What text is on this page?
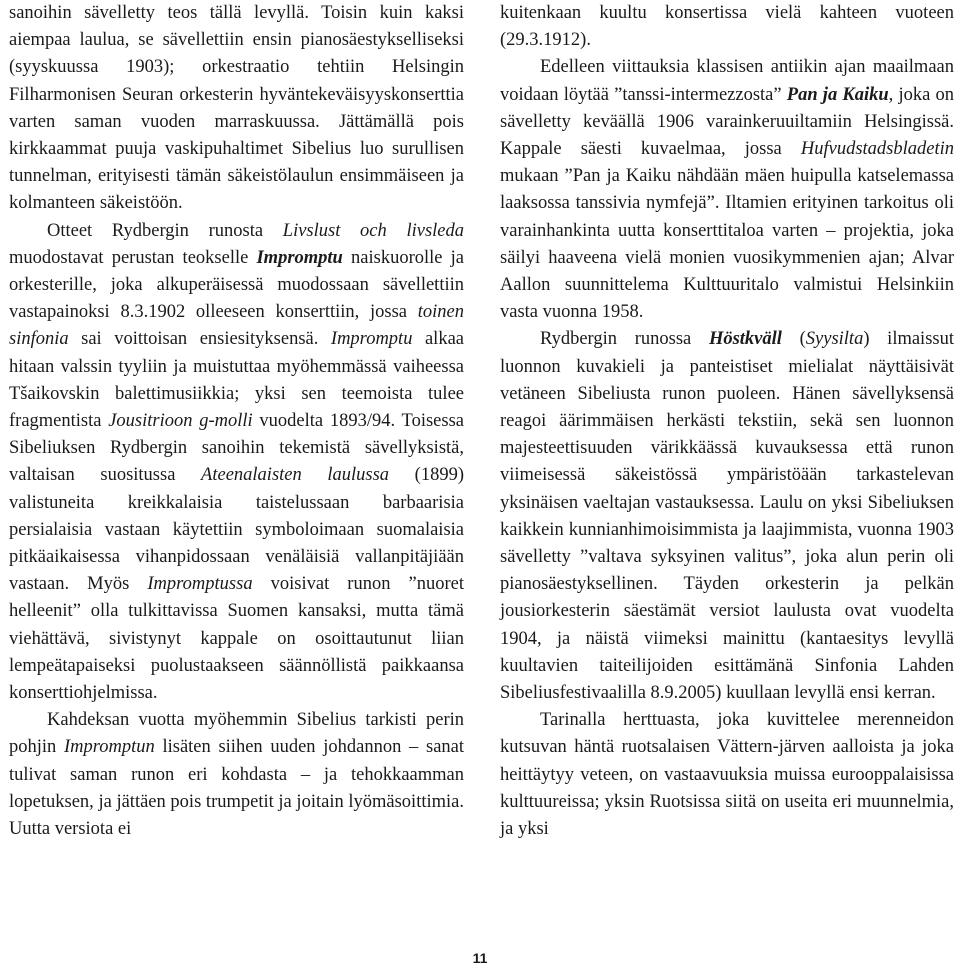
sanoihin sävelletty teos tällä levyllä. Toisin kuin kaksi aiempaa laulua, se sävellettiin ensin pianosäestykselliseksi (syyskuussa 1903); orkestraatio tehtiin Helsingin Filharmonisen Seuran orkesterin hyväntekeväisyyskonserttia varten saman vuoden marraskuussa. Jättämällä pois kirkkaammat puuja vaskipuhaltimet Sibelius luo surullisen tunnelman, erityisesti tämän säkeistölaulun ensimmäiseen ja kolmanteen säkeistöön.

Otteet Rydbergin runosta Livslust och livsleda muodostavat perustan teokselle Impromptu naiskuorolle ja orkesterille, joka alkuperäisessä muodossaan sävellettiin vastapainoksi 8.3.1902 olleeseen konserttiin, jossa toinen sinfonia sai voittoisan ensiesityksensä. Impromptu alkaa hitaan valssin tyyliin ja muistuttaa myöhemmässä vaiheessa Tšaikovskin balettimusiikkia; yksi sen teemoista tulee fragmentista Jousitrioon g-molli vuodelta 1893/94. Toisessa Sibeliuksen Rydbergin sanoihin tekemistä sävellyksistä, valtaisan suositussa Ateenalaisten laulussa (1899) valistuneita kreikkalaisia taistelussaan barbaarisia persialaisia vastaan käytettiin symboloimaan suomalaisia pitkäaikaisessa vihanpidossaan venäläisiä vallanpitäjiään vastaan. Myös Impromptussa voisivat runon ”nuoret helleenit” olla tulkittavissa Suomen kansaksi, mutta tämä viehättävä, sivistynyt kappale on osoittautunut liian lempeätapaiseksi puolustaakseen säännöllistä paikkaansa konserttiohjelmissa.

Kahdeksan vuotta myöhemmin Sibelius tarkisti perin pohjin Impromptun lisäten siihen uuden johdannon – sanat tulivat saman runon eri kohdasta – ja tehokkaamman lopetuksen, ja jättäen pois trumpetit ja joitain lyömäsoittimia. Uutta versiota ei

kuitenkaan kuultu konsertissa vielä kahteen vuoteen (29.3.1912).

Edelleen viittauksia klassisen antiikin ajan maailmaan voidaan löytää ”tanssi-intermezzosta” Pan ja Kaiku, joka on sävelletty keväällä 1906 varainkeruuiltamiin Helsingissä. Kappale säesti kuvaelmaa, jossa Hufvudstadsbladetin mukaan ”Pan ja Kaiku nähdään mäen huipulla katselemassa laaksossa tanssivia nymfejä”. Iltamien erityinen tarkoitus oli varainhankinta uutta konserttitaloa varten – projektia, joka säilyi haaveena vielä monien vuosikymmenien ajan; Alvar Aallon suunnittelema Kulttuuritalo valmistui Helsinkiin vasta vuonna 1958.

Rydbergin runossa Höstkväll (Syysilta) ilmaissut luonnon kuvakieli ja panteistiset mielialat näyttäisivät vetäneen Sibeliusta runon puoleen. Hänen sävellyksensä reagoi äärimmäisen herkästi tekstiin, sekä sen luonnon majesteettisuuden värikkäässä kuvauksessa että runon viimeisessä säkeistössä ympäristöään tarkastelevan yksinäisen vaeltajan vastauksessa. Laulu on yksi Sibeliuksen kaikkein kunnianhimoisimmista ja laajimmista, vuonna 1903 sävelletty ”valtava syksyinen valitus”, joka alun perin oli pianosäestyksellinen. Täyden orkesterin ja pelkän jousiorkesterin säestämät versiot laulusta ovat vuodelta 1904, ja näistä viimeksi mainittu (kantaesitys levyllä kuultavien taiteilijoiden esittämänä Sinfonia Lahden Sibeliusfestivaalilla 8.9.2005) kuullaan levyllä ensi kerran.

Tarinalla herttuasta, joka kuvittelee merenneidon kutsuvan häntä ruotsalaisen Vättern-järven aalloista ja joka heittäytyy veteen, on vastaavuuksia muissa eurooppalaisissa kulttuureissa; yksin Ruotsissa siitä on useita eri muunnelmia, ja yksi

11
